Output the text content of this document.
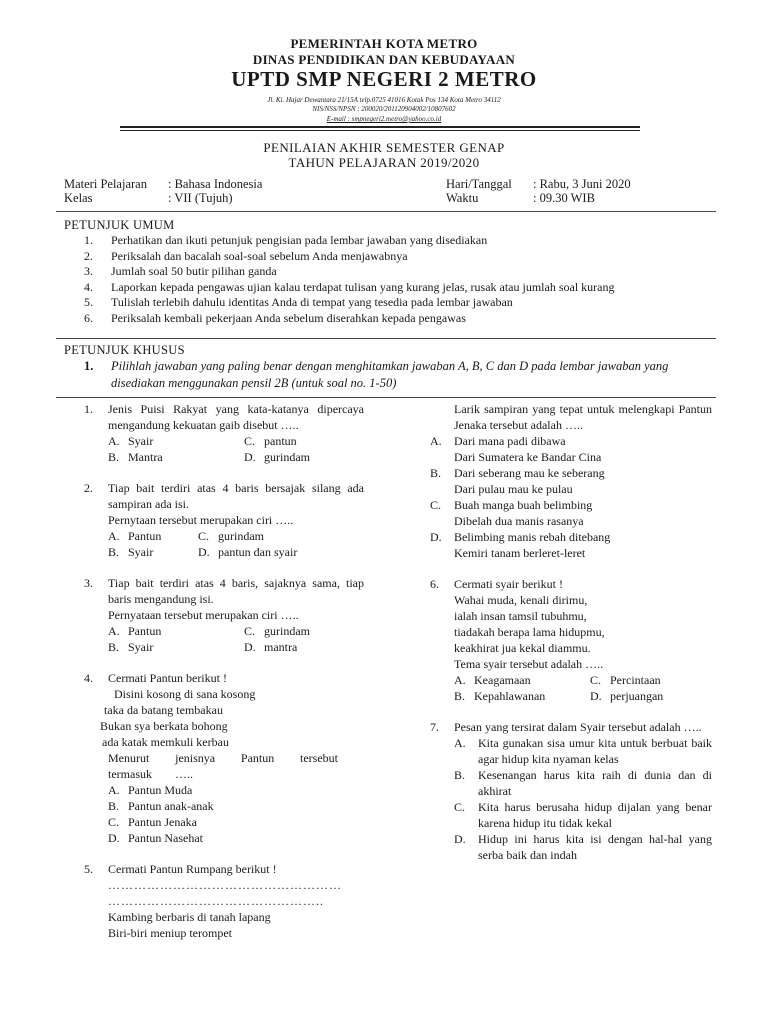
PEMERINTAH KOTA METRO
DINAS PENDIDIKAN DAN KEBUDAYAAN
UPTD SMP NEGERI 2 METRO
Jl. Ki. Hajar Dewantara 21/15A telp.0725 41016 Kotak Pos 134 Kota Metro 34112
NIS/NSS/NPSN : 200020/201120904002/10807602
E-mail : smpnegeri2.metro@yahoo.co.id
PENILAIAN AKHIR SEMESTER GENAP
TAHUN PELAJARAN 2019/2020
Materi Pelajaran : Bahasa Indonesia
Kelas	: VII (Tujuh)
Hari/Tanggal : Rabu, 3 Juni 2020
Waktu	: 09.30 WIB
PETUNJUK UMUM
1.	Perhatikan dan ikuti petunjuk pengisian pada lembar jawaban yang disediakan
2.	Periksalah dan bacalah soal-soal sebelum Anda menjawabnya
3.	Jumlah soal 50 butir pilihan ganda
4.	Laporkan kepada pengawas ujian kalau terdapat tulisan yang kurang jelas, rusak atau jumlah soal kurang
5.	Tulislah terlebih dahulu identitas Anda di tempat yang tesedia pada lembar jawaban
6.	Periksalah kembali pekerjaan Anda sebelum diserahkan kepada pengawas
PETUNJUK KHUSUS
1.	Pilihlah jawaban yang paling benar dengan menghitamkan jawaban A, B, C dan D pada lembar jawaban yang disediakan menggunakan pensil 2B (untuk soal no. 1-50)
1.	Jenis Puisi Rakyat yang kata-katanya dipercaya mengandung kekuatan gaib disebut …..
A. Syair	C. pantun
B. Mantra	D. gurindam
2.	Tiap bait terdiri atas 4 baris bersajak silang ada sampiran ada isi.
Pernytaan tersebut merupakan ciri …..
A. Pantun	C. gurindam
B. Syair	D. pantun dan syair
3.	Tiap bait terdiri atas 4 baris, sajaknya sama, tiap baris mengandung isi.
Pernyataan tersebut merupakan ciri …..
A. Pantun	C. gurindam
B. Syair	D. mantra
4.	Cermati Pantun berikut !
Disini kosong di sana kosong
taka da batang tembakau
Bukan sya berkata bohong
ada katak memkuli kerbau
Menurut jenisnya Pantun tersebut termasuk …..
A. Pantun Muda
B. Pantun anak-anak
C. Pantun Jenaka
D. Pantun Nasehat
5.	Cermati Pantun Rumpang berikut !
………………………………………………
…………………………………………..
Kambing berbaris di tanah lapang
Biri-biri meniup terompet
Larik sampiran yang tepat untuk melengkapi Pantun Jenaka tersebut adalah …..
A.	Dari mana padi dibawa
Dari Sumatera ke Bandar Cina
B.	Dari seberang mau ke seberang
Dari pulau mau ke pulau
C.	Buah manga buah belimbing
Dibelah dua manis rasanya
D.	Belimbing manis rebah ditebang
Kemiri tanam berleret-leret
6.	Cermati syair berikut !
Wahai muda, kenali dirimu,
ialah insan tamsil tubuhmu,
tiadakah berapa lama hidupmu,
keakhirat jua kekal diammu.
Tema syair tersebut adalah …..
A. Keagamaan	C. Percintaan
B. Kepahlawanan	D. perjuangan
7.	Pesan yang tersirat dalam Syair tersebut adalah …..
A.	Kita gunakan sisa umur kita untuk berbuat baik agar hidup kita nyaman kelas
B.	Kesenangan harus kita raih di dunia dan di akhirat
C.	Kita harus berusaha hidup dijalan yang benar karena hidup itu tidak kekal
D.	Hidup ini harus kita isi dengan hal-hal yang serba baik dan indah
